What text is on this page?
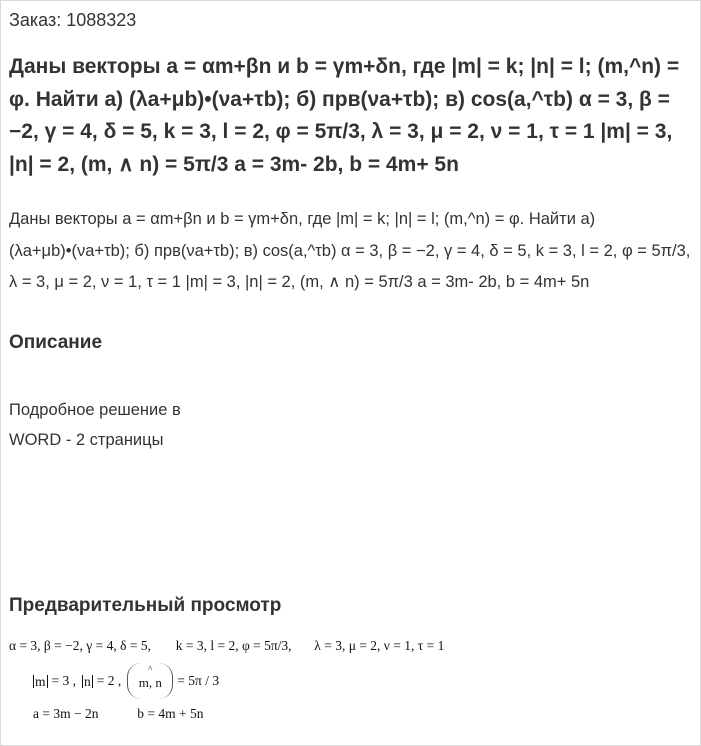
Заказ: 1088323
Даны векторы a = αm+βn и b = γm+δn, где |m| = k; |n| = l; (m,^n) = φ. Найти а) (λa+μb)•(νa+τb); б) прв(νa+τb); в) cos(a,^τb) α = 3, β = −2, γ = 4, δ = 5, k = 3, l = 2, φ = 5π/3, λ = 3, μ = 2, ν = 1, τ = 1 |m| = 3, |n| = 2, (m, ∧ n) = 5π/3 a = 3m- 2b, b = 4m+ 5n
Даны векторы a = αm+βn и b = γm+δn, где |m| = k; |n| = l; (m,^n) = φ. Найти а) (λa+μb)•(νa+τb); б) прв(νa+τb); в) cos(a,^τb) α = 3, β = −2, γ = 4, δ = 5, k = 3, l = 2, φ = 5π/3, λ = 3, μ = 2, ν = 1, τ = 1 |m| = 3, |n| = 2, (m, ∧ n) = 5π/3 a = 3m- 2b, b = 4m+ 5n
Описание
Подробное решение в
WORD - 2 страницы
Предварительный просмотр
α = 3, β = −2, γ = 4, δ = 5, k = 3, l = 2, φ = 5π/3, λ = 3, μ = 2, ν = 1, τ = 1
m = 3 , n = 2 ,
^
m, n	= 5π / 3
a = 3m − 2n	b = 4m + 5n
